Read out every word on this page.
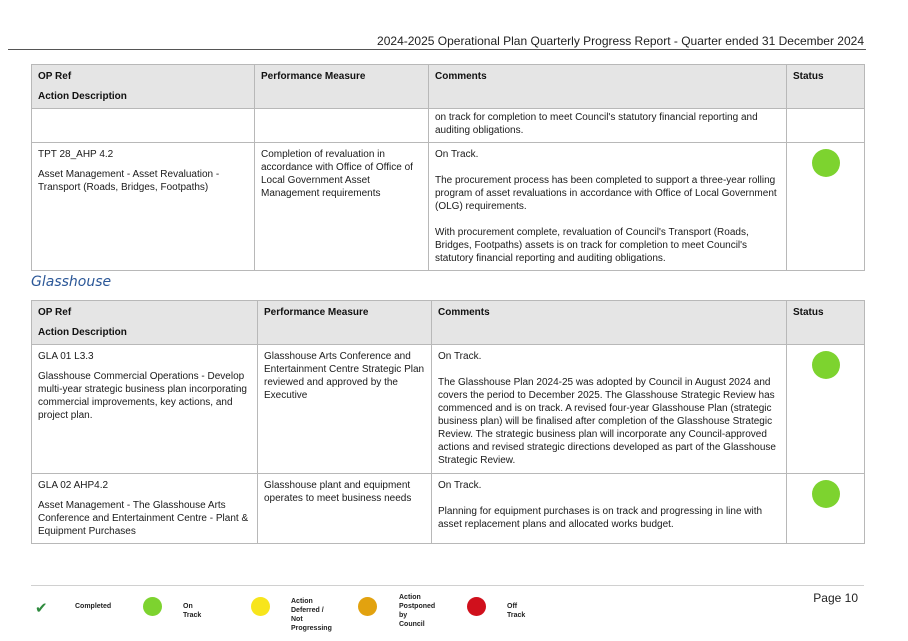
2024-2025 Operational Plan Quarterly Progress Report - Quarter ended 31 December 2024
OP Ref
Action Description	Performance Measure	Comments	Status
		on track for completion to meet Council's statutory financial reporting and auditing obligations.	

TPT 28_AHP 4.2
Asset Management - Asset Revaluation - Transport (Roads, Bridges, Footpaths)	Completion of revaluation in accordance with Office of Office of Local Government Asset Management requirements	On Track.
The procurement process has been completed to support a three-year rolling program of asset revaluations in accordance with Office of Local Government (OLG) requirements.
With procurement complete, revaluation of Council's Transport (Roads, Bridges, Footpaths) assets is on track for completion to meet Council's statutory financial reporting and auditing obligations.	

Glasshouse
OP Ref
Action Description	Performance Measure	Comments	Status

GLA 01 L3.3
Glasshouse Commercial Operations - Develop multi-year strategic business plan incorporating commercial improvements, key actions, and project plan.	Glasshouse Arts Conference and Entertainment Centre Strategic Plan reviewed and approved by the Executive	On Track.
The Glasshouse Plan 2024-25 was adopted by Council in August 2024 and covers the period to December 2025. The Glasshouse Strategic Review has commenced and is on track. A revised four-year Glasshouse Plan (strategic business plan) will be finalised after completion of the Glasshouse Strategic Review. The strategic business plan will incorporate any Council-approved actions and revised strategic directions developed as part of the Glasshouse Strategic Review.	

GLA 02 AHP4.2
Asset Management - The Glasshouse Arts Conference and Entertainment Centre - Plant & Equipment Purchases	Glasshouse plant and equipment operates to meet business needs	On Track.
Planning for equipment purchases is on track and progressing in line with asset replacement plans and allocated works budget.	

✔	Completed	On Track
Action Deferred /
Not Progressing
Action
Postponed by
Council
Off Track
Page 10
